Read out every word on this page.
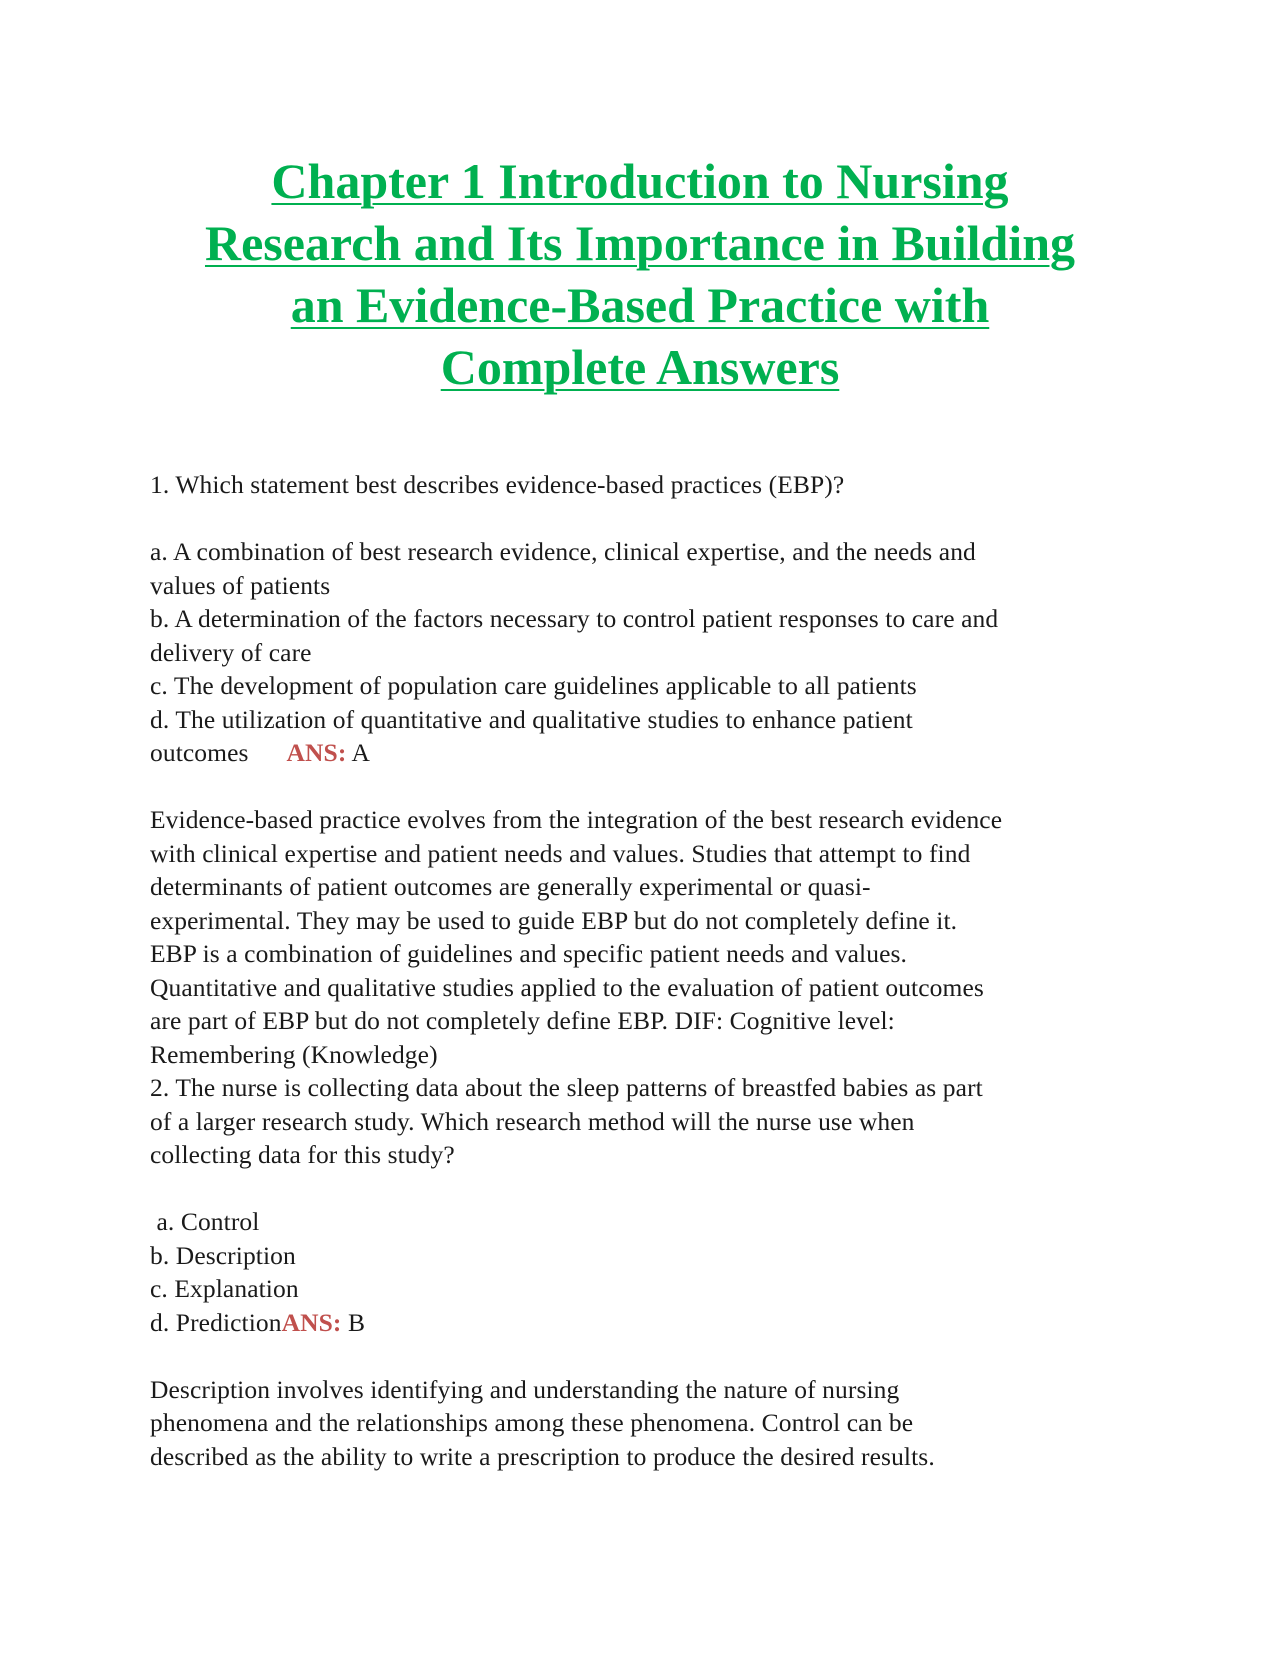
Chapter 1 Introduction to Nursing
Research and Its Importance in Building
an Evidence-Based Practice with
Complete Answers
1. Which statement best describes evidence-based practices (EBP)?
a. A combination of best research evidence, clinical expertise, and the needs and
values of patients
b. A determination of the factors necessary to control patient responses to care and
delivery of care
c. The development of population care guidelines applicable to all patients
d. The utilization of quantitative and qualitative studies to enhance patient
outcomes ANS: A
Evidence-based practice evolves from the integration of the best research evidence
with clinical expertise and patient needs and values. Studies that attempt to find
determinants of patient outcomes are generally experimental or quasi-
experimental. They may be used to guide EBP but do not completely define it.
EBP is a combination of guidelines and specific patient needs and values.
Quantitative and qualitative studies applied to the evaluation of patient outcomes
are part of EBP but do not completely define EBP. DIF: Cognitive level:
Remembering (Knowledge)
2. The nurse is collecting data about the sleep patterns of breastfed babies as part
of a larger research study. Which research method will the nurse use when
collecting data for this study?
a. Control
b. Description
c. Explanation
d. PredictionANS: B
Description involves identifying and understanding the nature of nursing
phenomena and the relationships among these phenomena. Control can be
described as the ability to write a prescription to produce the desired results.
